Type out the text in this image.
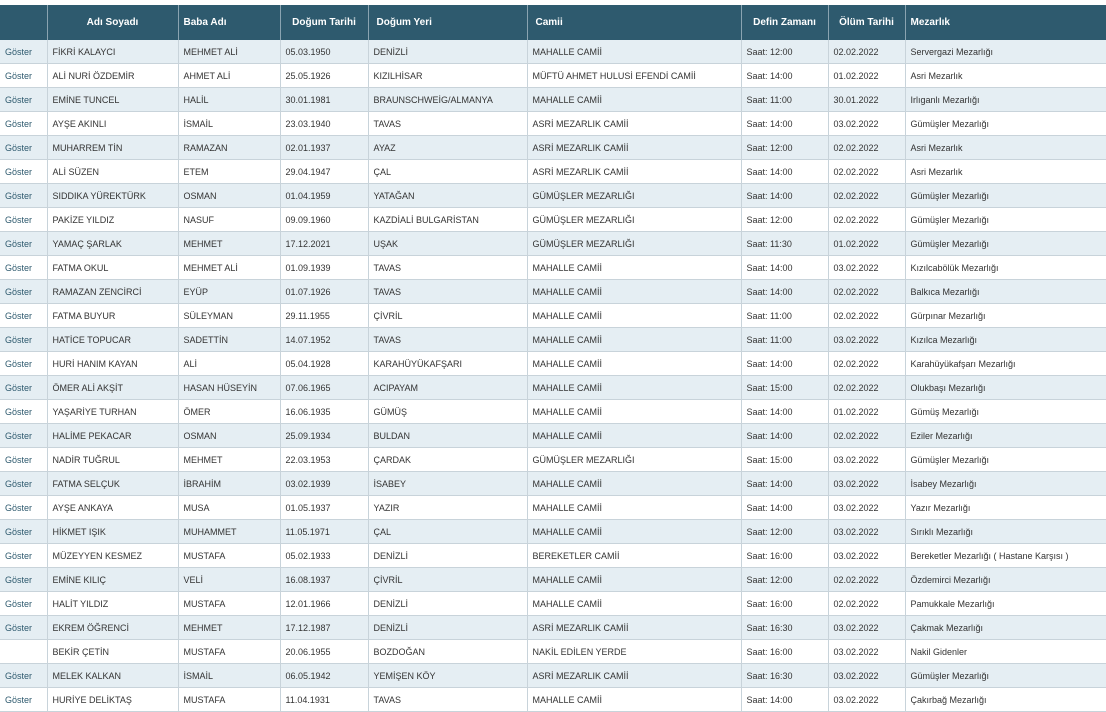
	Adı Soyadı	Baba Adı	Doğum Tarihi	Doğum Yeri	Camii	Defin Zamanı	Ölüm Tarihi	Mezarlık
Göster	FİKRİ KALAYCI	MEHMET ALİ	05.03.1950	DENİZLİ	MAHALLE CAMİİ	Saat: 12:00	02.02.2022	Servergazi Mezarlığı
Göster	ALİ NURİ ÖZDEMİR	AHMET ALİ	25.05.1926	KIZILHİSAR	MÜFTÜ AHMET HULUSİ EFENDİ CAMİİ	Saat: 14:00	01.02.2022	Asri Mezarlık
Göster	EMİNE TUNCEL	HALİL	30.01.1981	BRAUNSCHWEİG/ALMANYA	MAHALLE CAMİİ	Saat: 11:00	30.01.2022	Irlıganlı Mezarlığı
Göster	AYŞE AKINLI	İSMAİL	23.03.1940	TAVAS	ASRİ MEZARLIK CAMİİ	Saat: 14:00	03.02.2022	Gümüşler Mezarlığı
Göster	MUHARREM TİN	RAMAZAN	02.01.1937	AYAZ	ASRİ MEZARLIK CAMİİ	Saat: 12:00	02.02.2022	Asri Mezarlık
Göster	ALİ SÜZEN	ETEM	29.04.1947	ÇAL	ASRİ MEZARLIK CAMİİ	Saat: 14:00	02.02.2022	Asri Mezarlık
Göster	SIDDIKA YÜREKTÜRK	OSMAN	01.04.1959	YATAĞAN	GÜMÜŞLER MEZARLIĞI	Saat: 14:00	02.02.2022	Gümüşler Mezarlığı
Göster	PAKİZE YILDIZ	NASUF	09.09.1960	KAZDİALİ BULGARİSTAN	GÜMÜŞLER MEZARLIĞI	Saat: 12:00	02.02.2022	Gümüşler Mezarlığı
Göster	YAMAÇ ŞARLAK	MEHMET	17.12.2021	UŞAK	GÜMÜŞLER MEZARLIĞI	Saat: 11:30	01.02.2022	Gümüşler Mezarlığı
Göster	FATMA OKUL	MEHMET ALİ	01.09.1939	TAVAS	MAHALLE CAMİİ	Saat: 14:00	03.02.2022	Kızılcabölük Mezarlığı
Göster	RAMAZAN ZENCİRCİ	EYÜP	01.07.1926	TAVAS	MAHALLE CAMİİ	Saat: 14:00	02.02.2022	Balkıca Mezarlığı
Göster	FATMA BUYUR	SÜLEYMAN	29.11.1955	ÇİVRİL	MAHALLE CAMİİ	Saat: 11:00	02.02.2022	Gürpınar Mezarlığı
Göster	HATİCE TOPUCAR	SADETTİN	14.07.1952	TAVAS	MAHALLE CAMİİ	Saat: 11:00	03.02.2022	Kızılca Mezarlığı
Göster	HURİ HANIM KAYAN	ALİ	05.04.1928	KARAHÜYÜKAFŞARI	MAHALLE CAMİİ	Saat: 14:00	02.02.2022	Karahüyükafşarı Mezarlığı
Göster	ÖMER ALİ AKŞİT	HASAN HÜSEYİN	07.06.1965	ACIPAYAM	MAHALLE CAMİİ	Saat: 15:00	02.02.2022	Olukbaşı Mezarlığı
Göster	YAŞARİYE TURHAN	ÖMER	16.06.1935	GÜMÜŞ	MAHALLE CAMİİ	Saat: 14:00	01.02.2022	Gümüş Mezarlığı
Göster	HALİME PEKACAR	OSMAN	25.09.1934	BULDAN	MAHALLE CAMİİ	Saat: 14:00	02.02.2022	Eziler Mezarlığı
Göster	NADİR TUĞRUL	MEHMET	22.03.1953	ÇARDAK	GÜMÜŞLER MEZARLIĞI	Saat: 15:00	03.02.2022	Gümüşler Mezarlığı
Göster	FATMA SELÇUK	İBRAHİM	03.02.1939	İSABEY	MAHALLE CAMİİ	Saat: 14:00	03.02.2022	İsabey Mezarlığı
Göster	AYŞE ANKAYA	MUSA	01.05.1937	YAZIR	MAHALLE CAMİİ	Saat: 14:00	03.02.2022	Yazır Mezarlığı
Göster	HİKMET IŞIK	MUHAMMET	11.05.1971	ÇAL	MAHALLE CAMİİ	Saat: 12:00	03.02.2022	Sırıklı Mezarlığı
Göster	MÜZEYYEN KESMEZ	MUSTAFA	05.02.1933	DENİZLİ	BEREKETLER CAMİİ	Saat: 16:00	03.02.2022	Bereketler Mezarlığı ( Hastane Karşısı )
Göster	EMİNE KILIÇ	VELİ	16.08.1937	ÇİVRİL	MAHALLE CAMİİ	Saat: 12:00	02.02.2022	Özdemirci Mezarlığı
Göster	HALİT YILDIZ	MUSTAFA	12.01.1966	DENİZLİ	MAHALLE CAMİİ	Saat: 16:00	02.02.2022	Pamukkale Mezarlığı
Göster	EKREM ÖĞRENCİ	MEHMET	17.12.1987	DENİZLİ	ASRİ MEZARLIK CAMİİ	Saat: 16:30	03.02.2022	Çakmak Mezarlığı
	BEKİR ÇETİN	MUSTAFA	20.06.1955	BOZDOĞAN	NAKİL EDİLEN YERDE	Saat: 16:00	03.02.2022	Nakil Gidenler
Göster	MELEK KALKAN	İSMAİL	06.05.1942	YEMİŞEN KÖY	ASRİ MEZARLIK CAMİİ	Saat: 16:30	03.02.2022	Gümüşler Mezarlığı
Göster	HURİYE DELİKTAŞ	MUSTAFA	11.04.1931	TAVAS	MAHALLE CAMİİ	Saat: 14:00	03.02.2022	Çakırbağ Mezarlığı
